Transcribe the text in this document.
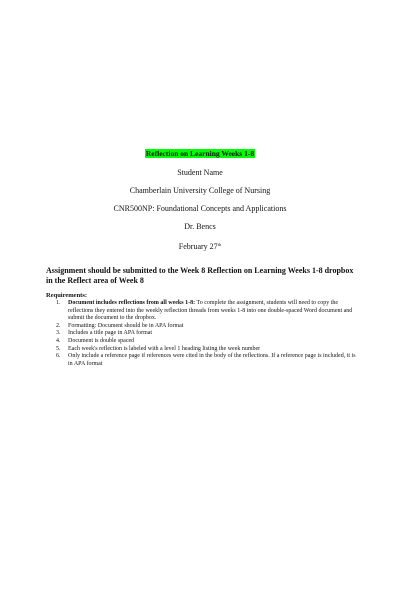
Reflection on Learning Weeks 1-8
Student Name
Chamberlain University College of Nursing
CNR500NP: Foundational Concepts and Applications
Dr. Bencs
February 27th
Assignment should be submitted to the Week 8 Reflection on Learning Weeks 1-8 dropbox in the Reflect area of Week 8
Requirements:
1. Document includes reflections from all weeks 1-8: To complete the assignment, students will need to copy the reflections they entered into the weekly reflection threads from weeks 1-8 into one double-spaced Word document and submit the document to the dropbox.
2. Formatting: Document should be in APA format
3. Includes a title page in APA format
4. Document is double spaced
5. Each week's reflection is labeled with a level 1 heading listing the week number
6. Only include a reference page if references were cited in the body of the reflections. If a reference page is included, it is in APA format
